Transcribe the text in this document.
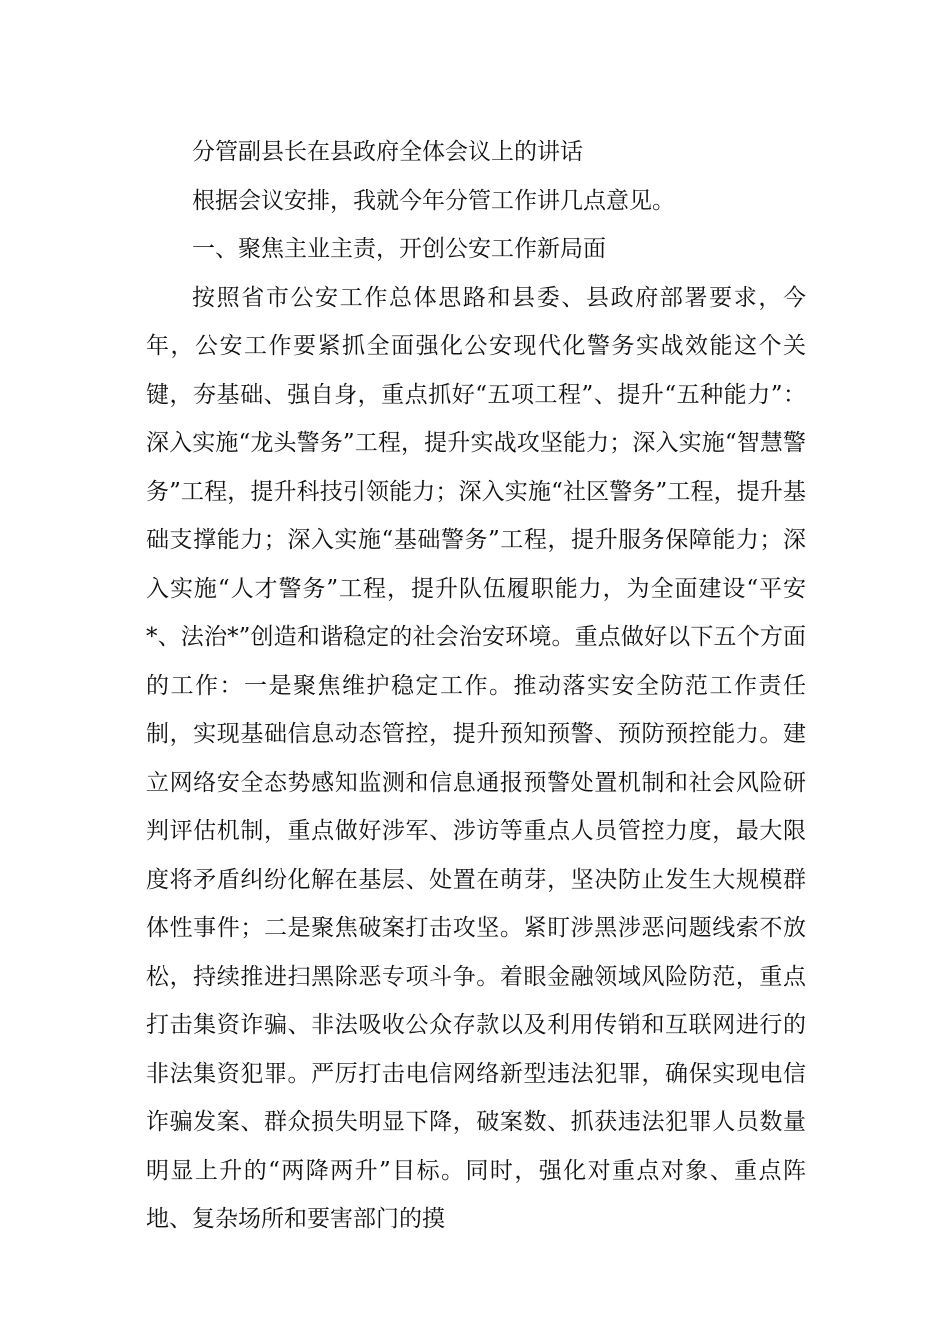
分管副县长在县政府全体会议上的讲话

根据会议安排，我就今年分管工作讲几点意见。

一、聚焦主业主责，开创公安工作新局面

按照省市公安工作总体思路和县委、县政府部署要求，今年，公安工作要紧抓全面强化公安现代化警务实战效能这个关键，夯基础、强自身，重点抓好“五项工程”、提升“五种能力”：深入实施“龙头警务”工程，提升实战攻坚能力；深入实施“智慧警务”工程，提升科技引领能力；深入实施“社区警务”工程，提升基础支撑能力；深入实施“基础警务”工程，提升服务保障能力；深入实施“人才警务”工程，提升队伍履职能力，为全面建设“平安*、法治*”创造和谐稳定的社会治安环境。重点做好以下五个方面的工作：一是聚焦维护稳定工作。推动落实安全防范工作责任制，实现基础信息动态管控，提升预知预警、预防预控能力。建立网络安全态势感知监测和信息通报预警处置机制和社会风险研判评估机制，重点做好涉军、涉访等重点人员管控力度，最大限度将矛盾纠纷化解在基层、处置在萌芽，坚决防止发生大规模群体性事件；二是聚焦破案打击攻坚。紧盯涉黑涉恶问题线索不放松，持续推进扫黑除恶专项斗争。着眼金融领域风险防范，重点打击集资诈骗、非法吸收公众存款以及利用传销和互联网进行的非法集资犯罪。严厉打击电信网络新型违法犯罪，确保实现电信诈骗发案、群众损失明显下降，破案数、抓获违法犯罪人员数量明显上升的“两降两升”目标。同时，强化对重点对象、重点阵地、复杂场所和要害部门的摸
